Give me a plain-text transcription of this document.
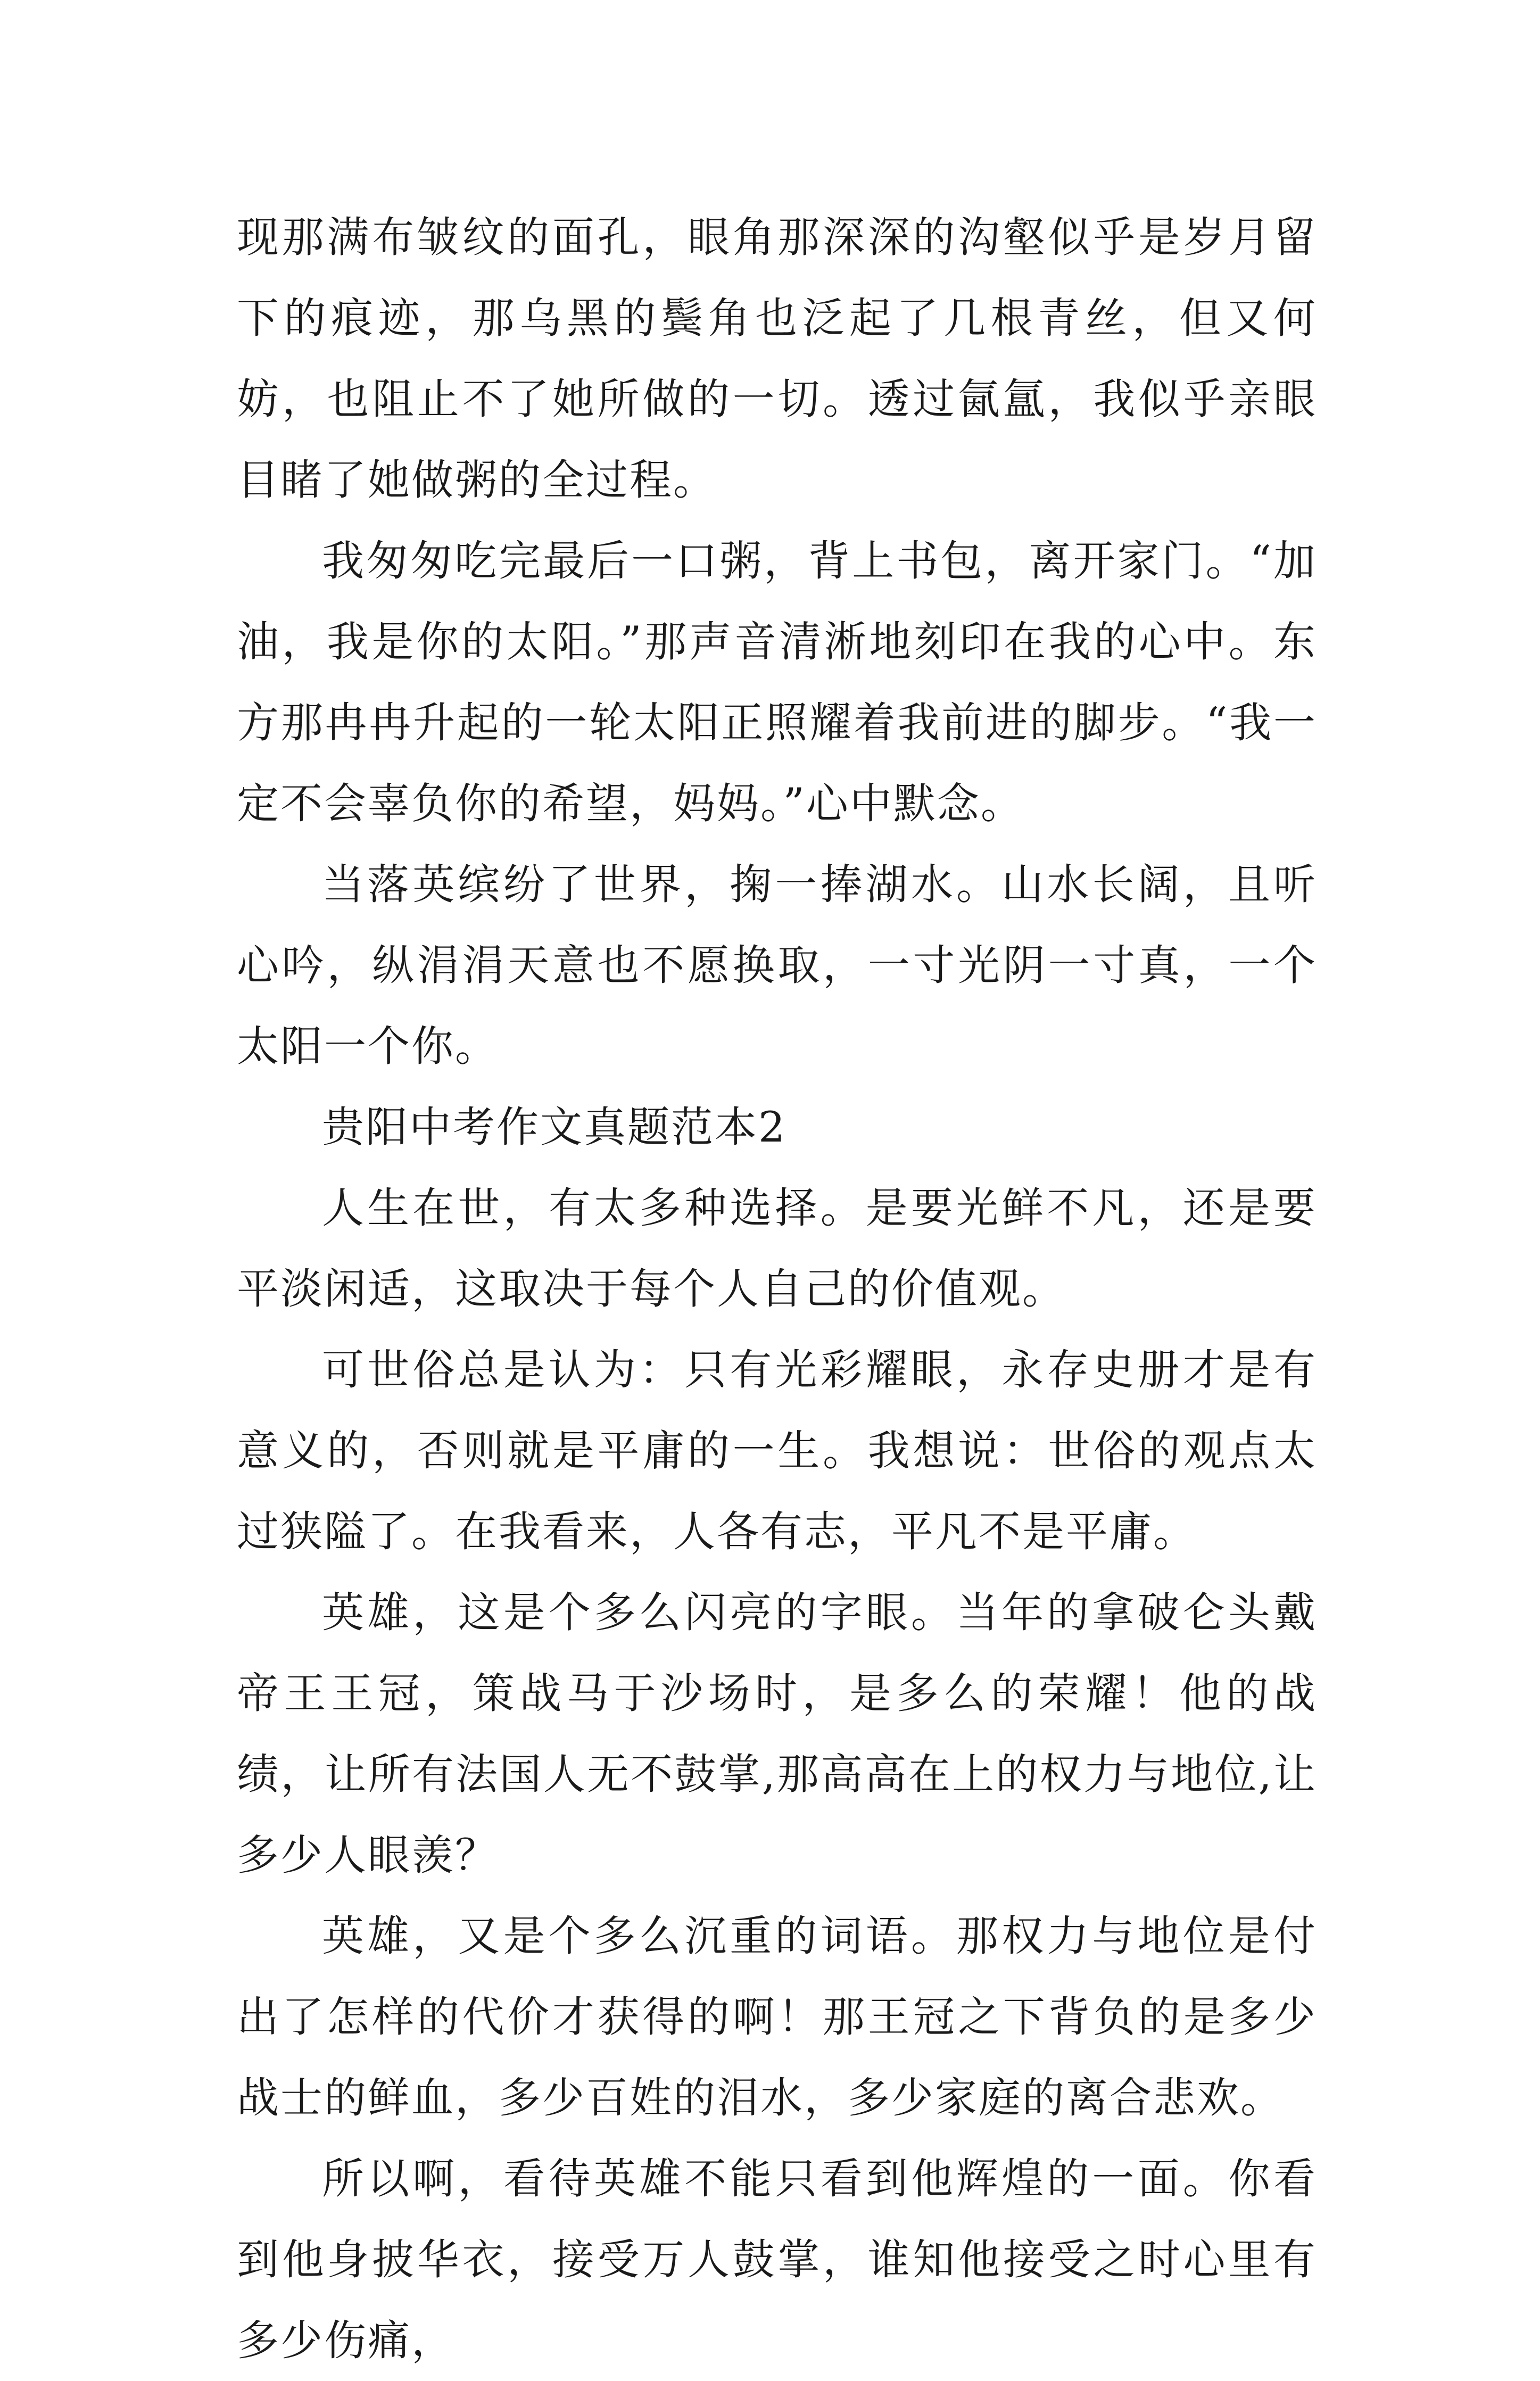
现那满布皱纹的面孔，眼角那深深的沟壑似乎是岁月留下的痕迹，那乌黑的鬓角也泛起了几根青丝，但又何妨，也阻止不了她所做的一切。透过氤氲，我似乎亲眼目睹了她做粥的全过程。

我匆匆吃完最后一口粥，背上书包，离开家门。“加油，我是你的太阳。”那声音清淅地刻印在我的心中。东方那冉冉升起的一轮太阳正照耀着我前进的脚步。“我一定不会辜负你的希望，妈妈。”心中默念。

当落英缤纷了世界，掬一捧湖水。山水长阔，且听心吟，纵涓涓天意也不愿换取，一寸光阴一寸真，一个太阳一个你。

贵阳中考作文真题范本2

人生在世，有太多种选择。是要光鲜不凡，还是要平淡闲适，这取决于每个人自己的价值观。

可世俗总是认为：只有光彩耀眼，永存史册才是有意义的，否则就是平庸的一生。我想说：世俗的观点太过狭隘了。在我看来，人各有志，平凡不是平庸。

英雄，这是个多么闪亮的字眼。当年的拿破仑头戴帝王王冠，策战马于沙场时，是多么的荣耀！他的战绩，让所有法国人无不鼓掌,那高高在上的权力与地位,让多少人眼羡？

英雄，又是个多么沉重的词语。那权力与地位是付出了怎样的代价才获得的啊！那王冠之下背负的是多少战士的鲜血，多少百姓的泪水，多少家庭的离合悲欢。

所以啊，看待英雄不能只看到他辉煌的一面。你看到他身披华衣，接受万人鼓掌，谁知他接受之时心里有多少伤痛，
